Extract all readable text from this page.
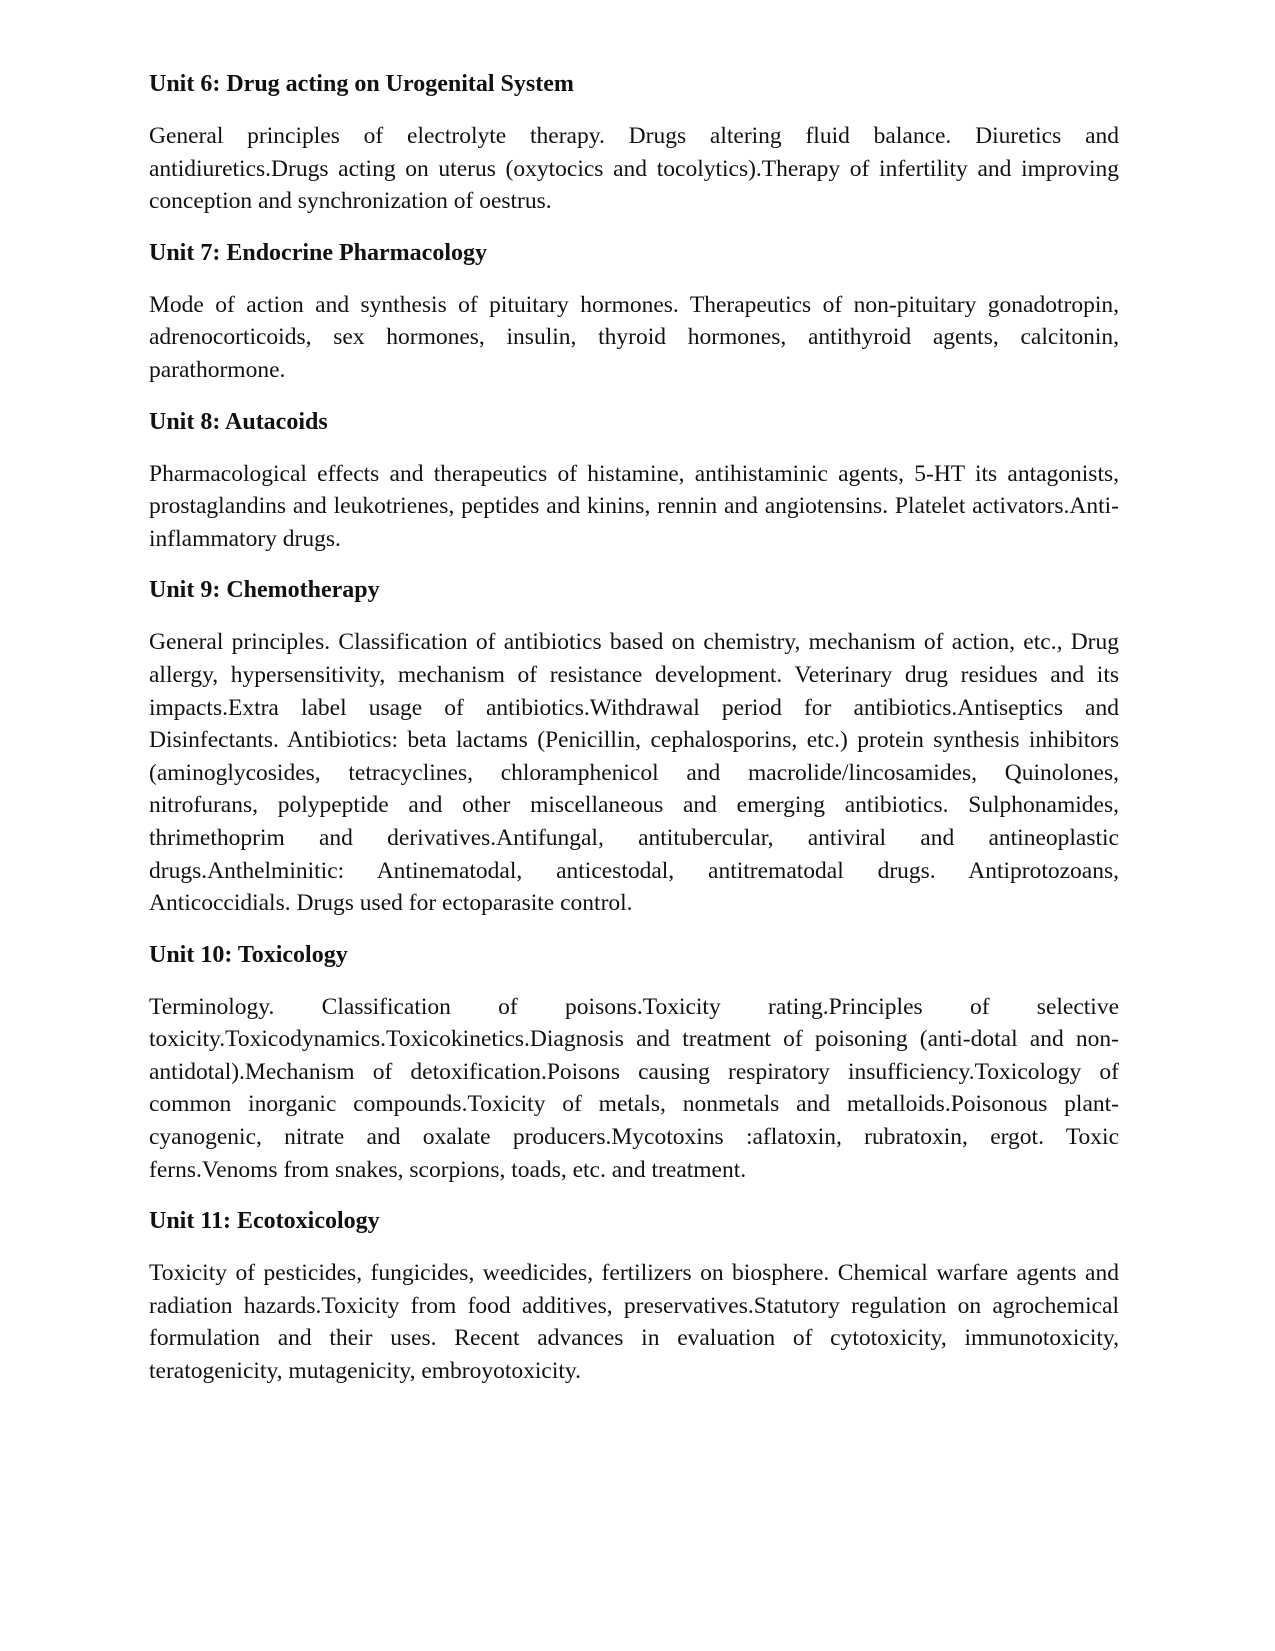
Unit 6: Drug acting on Urogenital System

General principles of electrolyte therapy. Drugs altering fluid balance. Diuretics and antidiuretics.Drugs acting on uterus (oxytocics and tocolytics).Therapy of infertility and improving conception and synchronization of oestrus.

Unit 7: Endocrine Pharmacology

Mode of action and synthesis of pituitary hormones. Therapeutics of non-pituitary gonadotropin, adrenocorticoids, sex hormones, insulin, thyroid hormones, antithyroid agents, calcitonin, parathormone.

Unit 8: Autacoids

Pharmacological effects and therapeutics of histamine, antihistaminic agents, 5-HT its antagonists, prostaglandins and leukotrienes, peptides and kinins, rennin and angiotensins. Platelet activators.Anti-inflammatory drugs.

Unit 9: Chemotherapy

General principles. Classification of antibiotics based on chemistry, mechanism of action, etc., Drug allergy, hypersensitivity, mechanism of resistance development. Veterinary drug residues and its impacts.Extra label usage of antibiotics.Withdrawal period for antibiotics.Antiseptics and Disinfectants. Antibiotics: beta lactams (Penicillin, cephalosporins, etc.) protein synthesis inhibitors (aminoglycosides, tetracyclines, chloramphenicol and macrolide/lincosamides, Quinolones, nitrofurans, polypeptide and other miscellaneous and emerging antibiotics. Sulphonamides, thrimethoprim and derivatives.Antifungal, antitubercular, antiviral and antineoplastic drugs.Anthelminitic: Antinematodal, anticestodal, antitrematodal drugs. Antiprotozoans, Anticoccidials. Drugs used for ectoparasite control.

Unit 10: Toxicology

Terminology. Classification of poisons.Toxicity rating.Principles of selective toxicity.Toxicodynamics.Toxicokinetics.Diagnosis and treatment of poisoning (anti-dotal and non-antidotal).Mechanism of detoxification.Poisons causing respiratory insufficiency.Toxicology of common inorganic compounds.Toxicity of metals, nonmetals and metalloids.Poisonous plant-cyanogenic, nitrate and oxalate producers.Mycotoxins :aflatoxin, rubratoxin, ergot. Toxic ferns.Venoms from snakes, scorpions, toads, etc. and treatment.

Unit 11: Ecotoxicology

Toxicity of pesticides, fungicides, weedicides, fertilizers on biosphere. Chemical warfare agents and radiation hazards.Toxicity from food additives, preservatives.Statutory regulation on agrochemical formulation and their uses. Recent advances in evaluation of cytotoxicity, immunotoxicity, teratogenicity, mutagenicity, embroyotoxicity.
